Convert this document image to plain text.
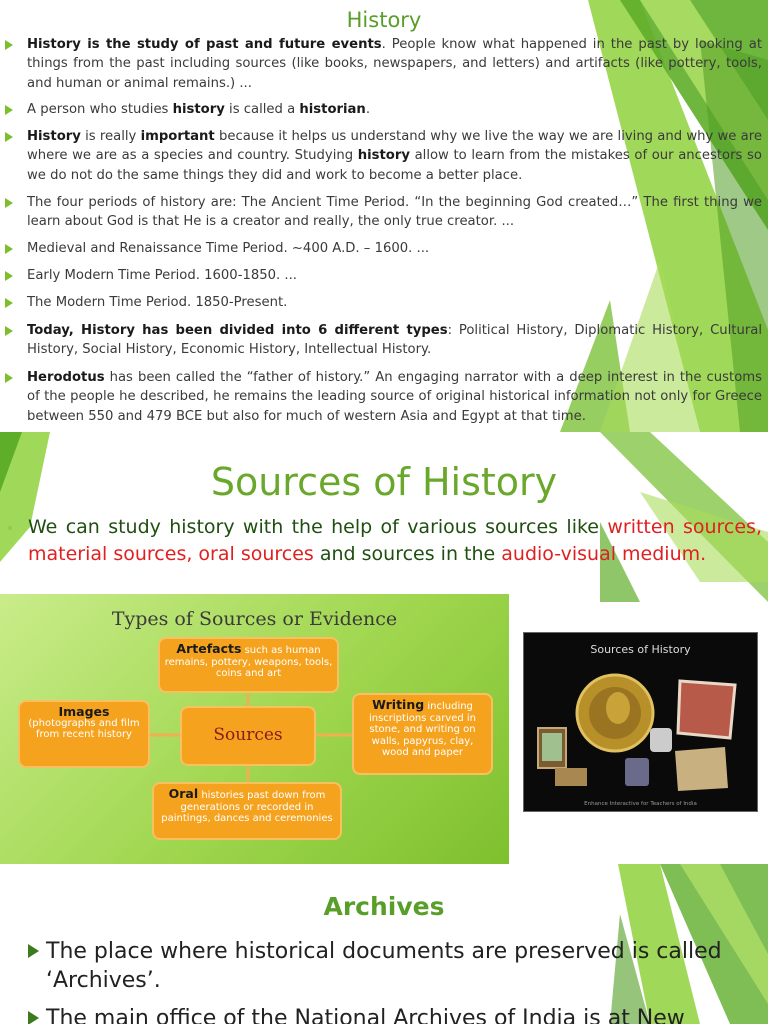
History
History is the study of past and future events. People know what happened in the past by looking at things from the past including sources (like books, newspapers, and letters) and artifacts (like pottery, tools, and human or animal remains.) ...
A person who studies history is called a historian.
History is really important because it helps us understand why we live the way we are living and why we are where we are as a species and country. Studying history allow to learn from the mistakes of our ancestors so we do not do the same things they did and work to become a better place.
The four periods of history are: The Ancient Time Period. “In the beginning God created…” The first thing we learn about God is that He is a creator and really, the only true creator. ...
Medieval and Renaissance Time Period. ~400 A.D. – 1600. ...
Early Modern Time Period. 1600-1850. ...
The Modern Time Period. 1850-Present.
Today, History has been divided into 6 different types: Political History, Diplomatic History, Cultural History, Social History, Economic History, Intellectual History.
Herodotus has been called the “father of history.” An engaging narrator with a deep interest in the customs of the people he described, he remains the leading source of original historical information not only for Greece between 550 and 479 BCE but also for much of western Asia and Egypt at that time.
Sources of History
• We can study history with the help of various sources like written sources, material sources, oral sources and sources in the audio-visual medium.
Types of Sources or Evidence
Artefacts such as human remains, pottery, weapons, tools, coins and art
Images
(photographs and film from recent history	Sources
Writing including inscriptions carved in stone, and writing on walls, papyrus, clay, wood and paper
Oral histories past down from generations or recorded in paintings, dances and ceremonies
Sources of History
Enhance Interactive for Teachers of India
Archives
The place where historical documents are preserved is called ‘Archives’.
The main office of the National Archives of India is at New
